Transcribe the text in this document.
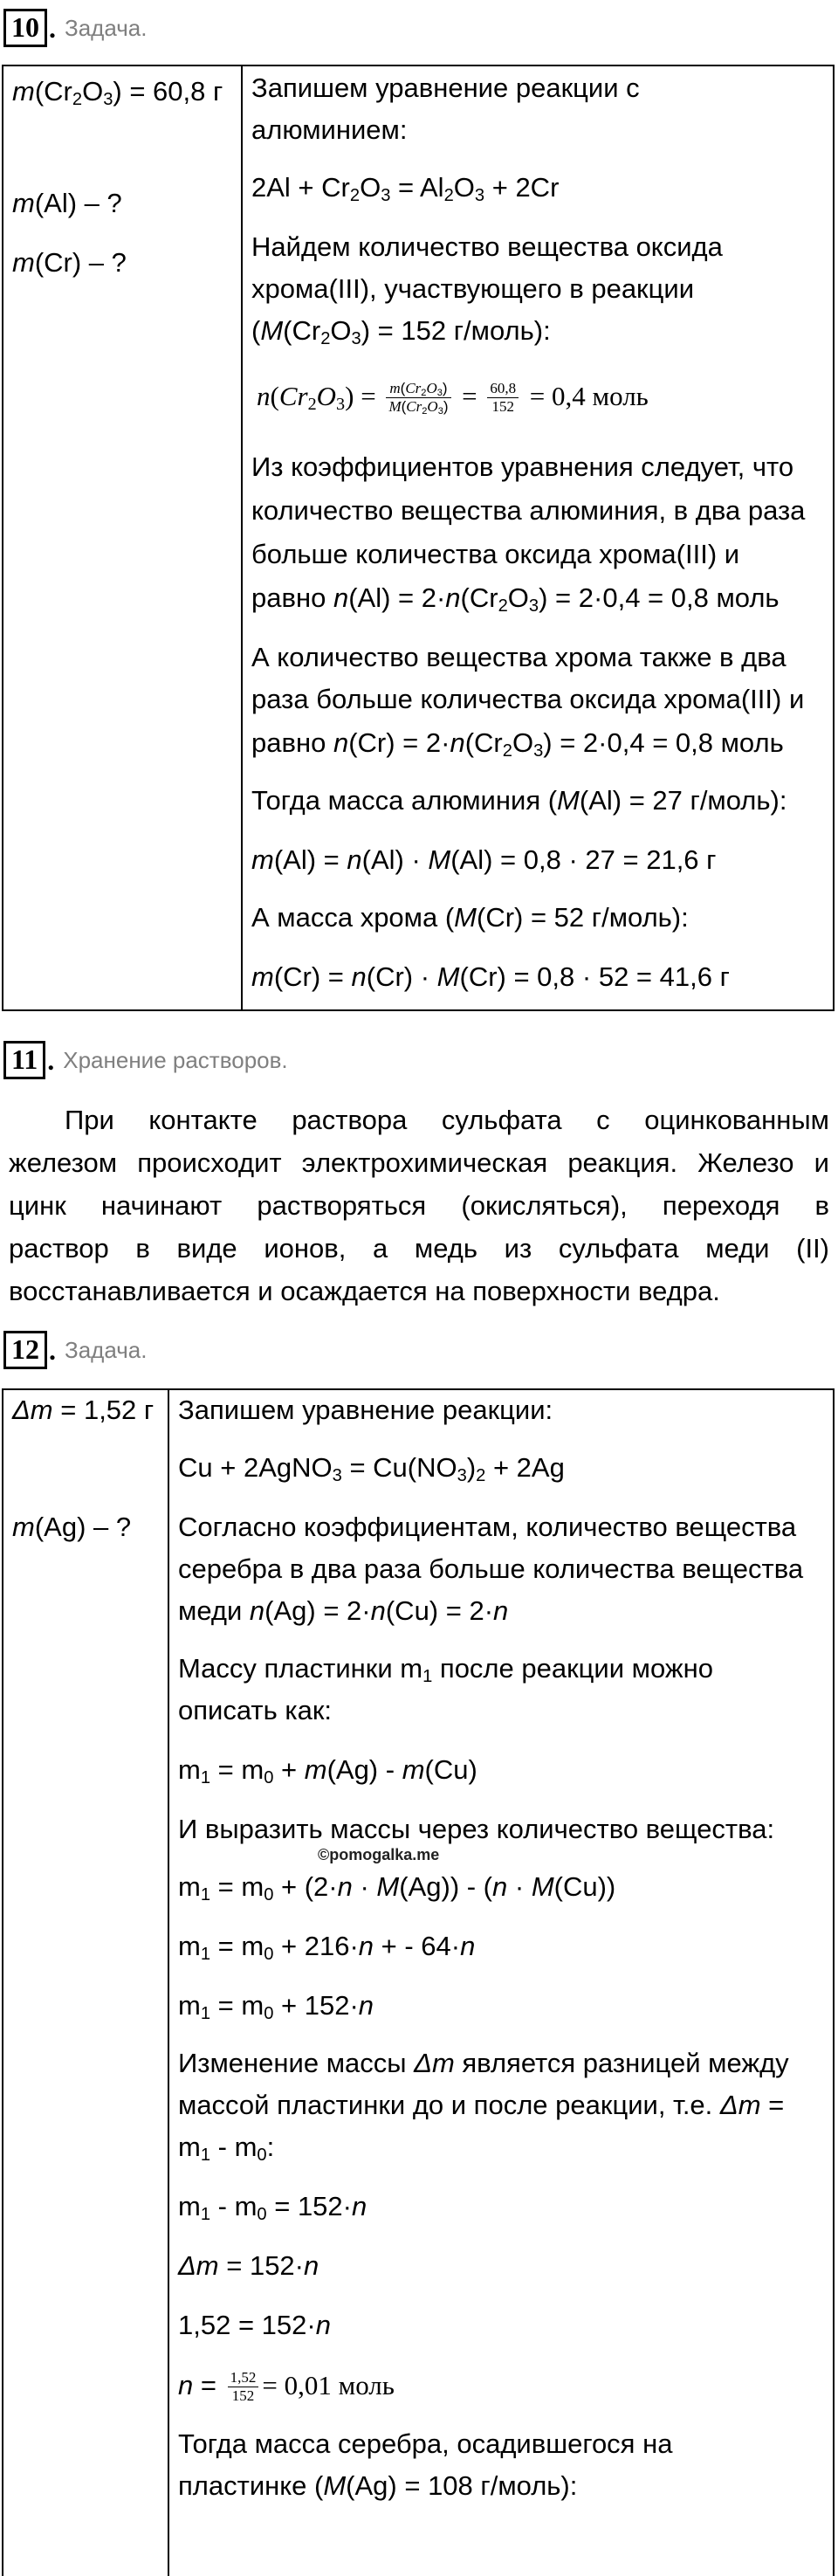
10 . Задача.
$m(Cr_2O_3) = 60,8$ г
m(Al) – ?
m(Cr) – ?
Запишем уравнение реакции с
алюминием:
$2Al + Cr_2O_3 = Al_2O_3 + 2Cr$
Найдем количество вещества оксида
хрома(III), участвующего в реакции
($M(Cr_2O_3) = 152$ г/моль):
$n(Cr_2O_3) = \frac{m(Cr_2O_3)}{M(Cr_2O_3)} = \frac{60,8}{152} = 0,4$ моль
Из коэффициентов уравнения следует, что
количество вещества алюминия, в два раза
больше количества оксида хрома(III) и
равно $n(Al) = 2\cdot n(Cr_2O_3) = 2\cdot 0,4 = 0,8$ моль
А количество вещества хрома также в два
раза больше количества оксида хрома(III) и
равно $n(Cr) = 2\cdot n(Cr_2O_3) = 2\cdot 0,4 = 0,8$ моль
Тогда масса алюминия (M(Al) = 27 г/моль):
m(Al) = n(Al) · M(Al) = 0,8 · 27 = 21,6 г
А масса хрома (M(Cr) = 52 г/моль):
m(Cr) = n(Cr) · M(Cr) = 0,8 · 52 = 41,6 г
11 . Хранение растворов.
При контакте раствора сульфата с оцинкованным
железом происходит электрохимическая реакция. Железо и
цинк начинают растворяться (окисляться), переходя в
раствор в виде ионов, а медь из сульфата меди (II)
восстанавливается и осаждается на поверхности ведра.
12 . Задача.
Δm = 1,52 г
m(Ag) – ?
Запишем уравнение реакции:
Cu + 2AgNO$_3$ = $Cu(NO_3)_2 + 2Ag$
Согласно коэффициентам, количество вещества
серебра в два раза больше количества вещества
меди n(Ag) = 2·n(Cu) = 2·n
Массу пластинки $m_1$ после реакции можно
описать как:
$m_1 = m_0 + m(Ag) - m(Cu)$
И выразить массы через количество вещества:
©pomogalka.me
$m_1 = m_0 + (2\cdot n \cdot M(Ag)) - (n \cdot M(Cu))$
$m_1 = m_0 + 216\cdot n$ + - 64·n
$m_1 = m_0 + 152\cdot n$
Изменение массы Δm является разницей между
массой пластинки до и после реакции, т.е. Δm =
$m_1 - m_0$:
$m_1 - m_0 = 152\cdot n$
Δm = 152·n
1,52 = 152·n
$n = \frac{1,52}{152} = 0,01$ моль
Тогда масса серебра, осадившегося на
пластинке (M(Ag) = 108 г/моль):
